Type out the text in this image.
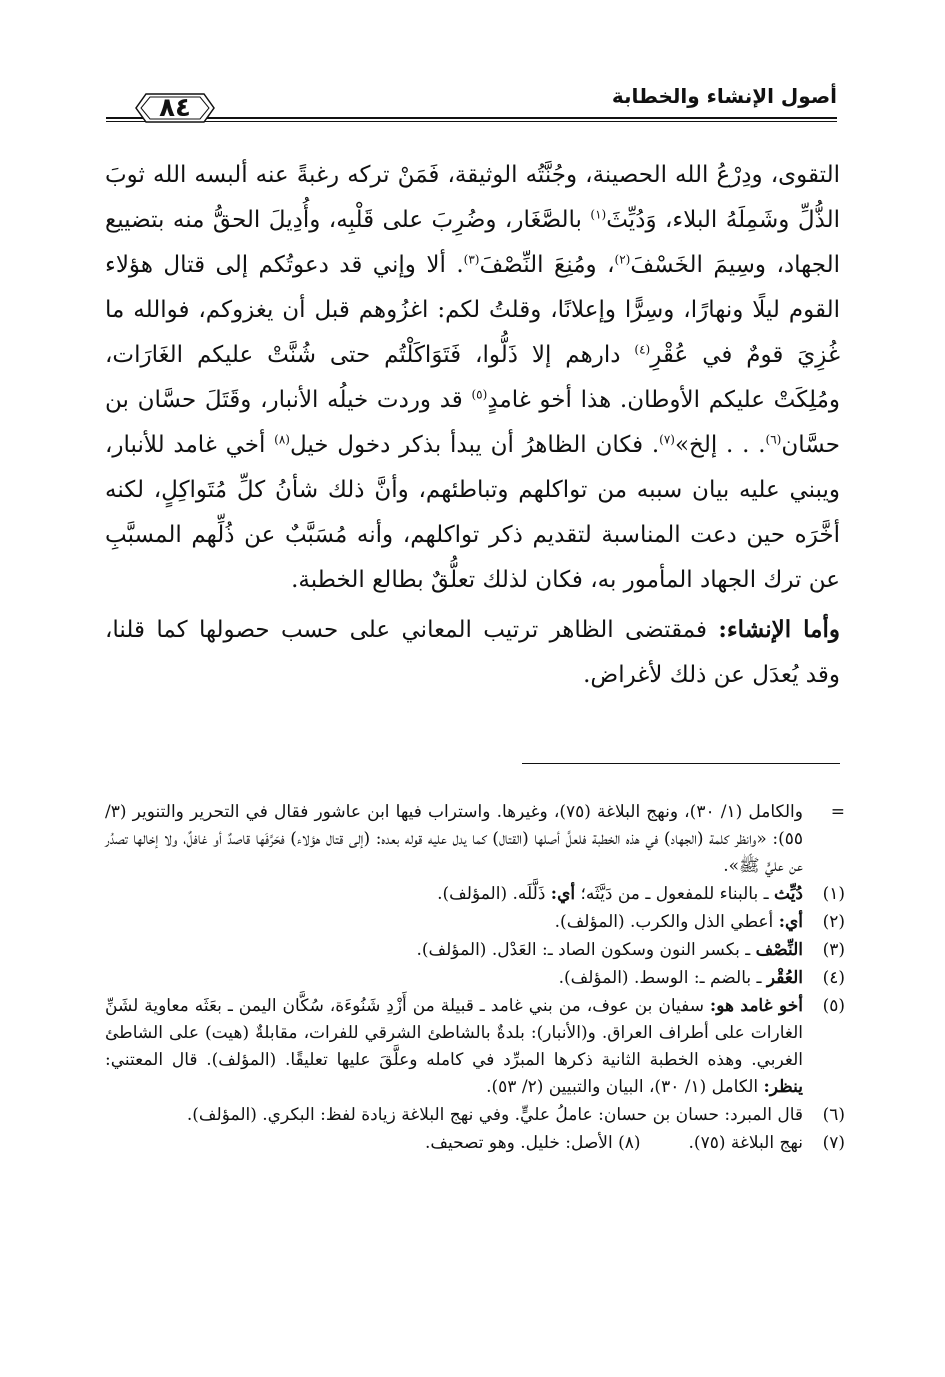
أصول الإنشاء والخطابة
٨٤

التقوى، ودِرْعُ الله الحصينة، وجُنَّتُه الوثيقة، فَمَنْ تركه رغبةً عنه ألبسه الله ثوبَ الذُّلِّ وشَمِلَهُ البلاء، وَدُيِّثَ$^{(١)}$ بالصَّغَار، وضُرِبَ على قَلْبِه، وأُدِيلَ الحقُّ منه بتضييع الجهاد، وسِيمَ الخَسْفَ$^{(٢)}$، ومُنِعَ النِّصْفَ$^{(٣)}$. ألا وإني قد دعوتُكم إلى قتال هؤلاء القوم ليلًا ونهارًا، وسِرًّا وإعلانًا، وقلتُ لكم: اغزُوهم قبل أن يغزوكم، فوالله ما غُزِيَ قومٌ في عُقْرِ$^{(٤)}$ دارهم إلا ذَلُّوا، فَتَوَاكَلْتُم حتى شُنَّتْ عليكم الغَارَات، ومُلِكَتْ عليكم الأوطان. هذا أخو غامدٍ$^{(٥)}$ قد وردت خيلُه الأنبار، وقَتَلَ حسَّان بن حسَّان$^{(٦)}$. . . إلخ»$^{(٧)}$. فكان الظاهرُ أن يبدأ بذكر دخول خيل$^{(٨)}$ أخي غامد للأنبار، ويبني عليه بيان سببه من تواكلهم وتباطئهم، وأنَّ ذلك شأنُ كلِّ مُتَواكِلٍ، لكنه أخَّرَه حين دعت المناسبة لتقديم ذكر تواكلهم، وأنه مُسَبَّبٌ عن ذُلِّهم المسبَّبِ عن ترك الجهاد المأمور به، فكان لذلك تعلُّقٌ بطالع الخطبة.

وأما الإنشاء: فمقتضى الظاهر ترتيب المعاني على حسب حصولها كما قلنا، وقد يُعدَل عن ذلك لأغراض.

=
والكامل (١/ ٣٠)، ونهج البلاغة (٧٥)، وغيرها. واستراب فيها ابن عاشور فقال في التحرير والتنوير (٣/ ٥٥): «وانظر كلمة (الجهاد) في هذه الخطبة فلعلَّ أصلها (القتال) كما يدل عليه قوله بعده: (إلى قتال هؤلاء) فحَرَّفَها قاصدٌ أو غافلٌ، ولا إخالها تصدُر عن عليٍّ ﷺ».
(١)
دُيِّث ـ بالبناء للمفعول ـ من دَيَّثَه؛ أي: ذَلَّلَه. (المؤلف).
(٢)
أي: أعطي الذل والكرب. (المؤلف).
(٣)
النِّصْف ـ بكسر النون وسكون الصاد ـ: العَدْل. (المؤلف).
(٤)
العُقْر ـ بالضم ـ: الوسط. (المؤلف).
(٥)
أخو غامد هو: سفيان بن عوف، من بني غامد ـ قبيلة من أَزْدِ شَنُوءَة، سُكَّان اليمن ـ بعَثَه معاوية لشَنِّ الغارات على أطراف العراق. و(الأنبار): بلدةٌ بالشاطئ الشرقي للفرات، مقابلةٌ (هيت) على الشاطئ الغربي. وهذه الخطبة الثانية ذكرها المبرِّد في كامله وعلَّقَ عليها تعليقًا. (المؤلف). قال المعتني: ينظر: الكامل (١/ ٣٠)، البيان والتبيين (٢/ ٥٣).
(٦)
قال المبرد: حسان بن حسان: عاملُ عليٍّ. وفي نهج البلاغة زيادة لفظ: البكري. (المؤلف).
(٧)
نهج البلاغة (٧٥).
(٨) الأصل: خليل. وهو تصحيف.
